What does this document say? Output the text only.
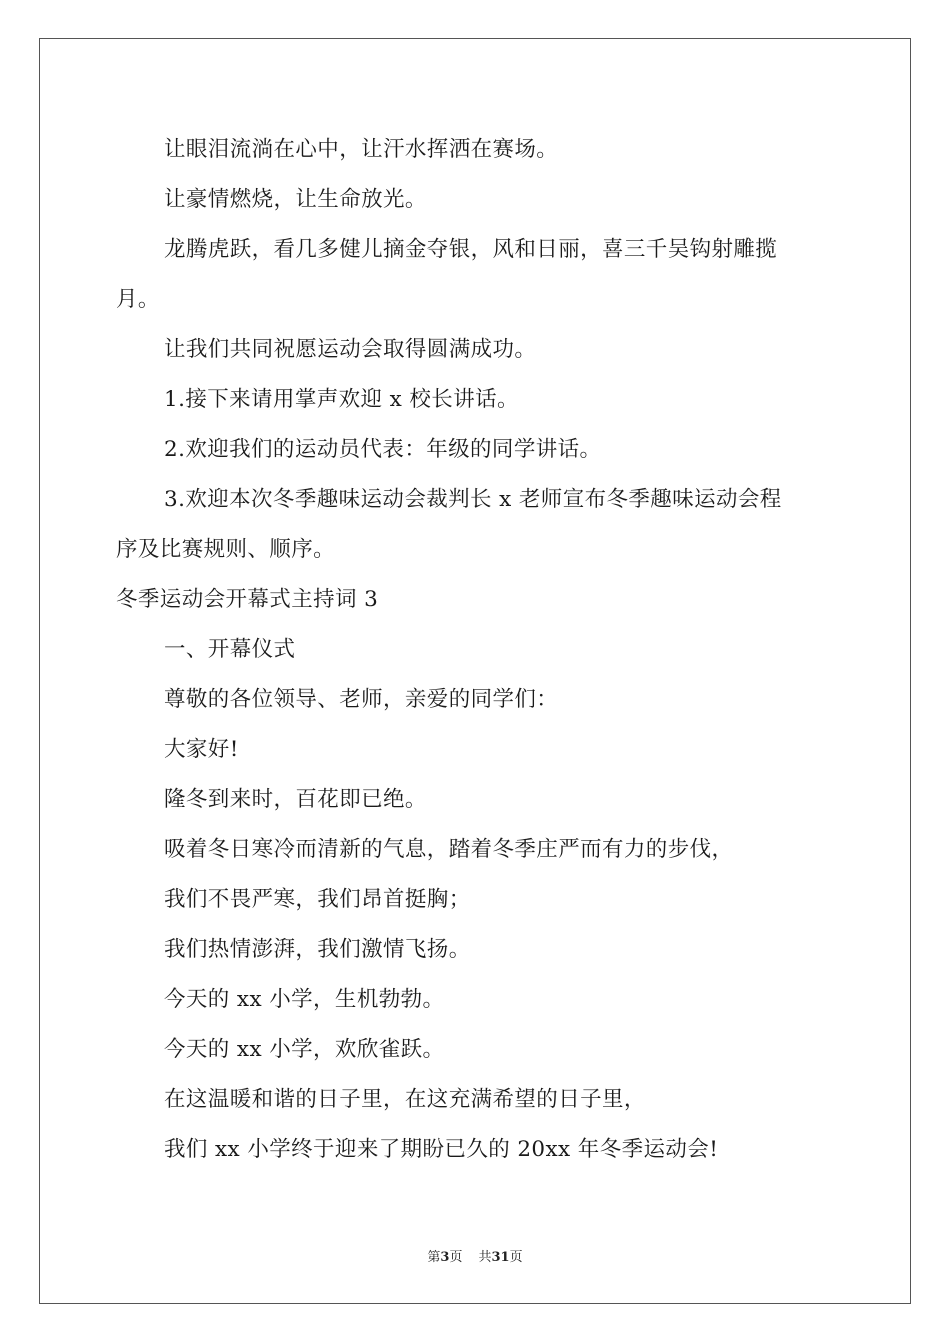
让眼泪流淌在心中，让汗水挥洒在赛场。

让豪情燃烧，让生命放光。

龙腾虎跃，看几多健儿摘金夺银，风和日丽，喜三千吴钩射雕揽

月。

让我们共同祝愿运动会取得圆满成功。

1.接下来请用掌声欢迎 x 校长讲话。

2.欢迎我们的运动员代表：年级的同学讲话。

3.欢迎本次冬季趣味运动会裁判长 x 老师宣布冬季趣味运动会程

序及比赛规则、顺序。

冬季运动会开幕式主持词 3

一、开幕仪式

尊敬的各位领导、老师，亲爱的同学们：

大家好!

隆冬到来时，百花即已绝。

吸着冬日寒冷而清新的气息，踏着冬季庄严而有力的步伐，

我们不畏严寒，我们昂首挺胸；

我们热情澎湃，我们激情飞扬。

今天的 xx 小学，生机勃勃。

今天的 xx 小学，欢欣雀跃。

在这温暖和谐的日子里，在这充满希望的日子里，

我们 xx 小学终于迎来了期盼已久的 20xx 年冬季运动会!

第3页 共31页
